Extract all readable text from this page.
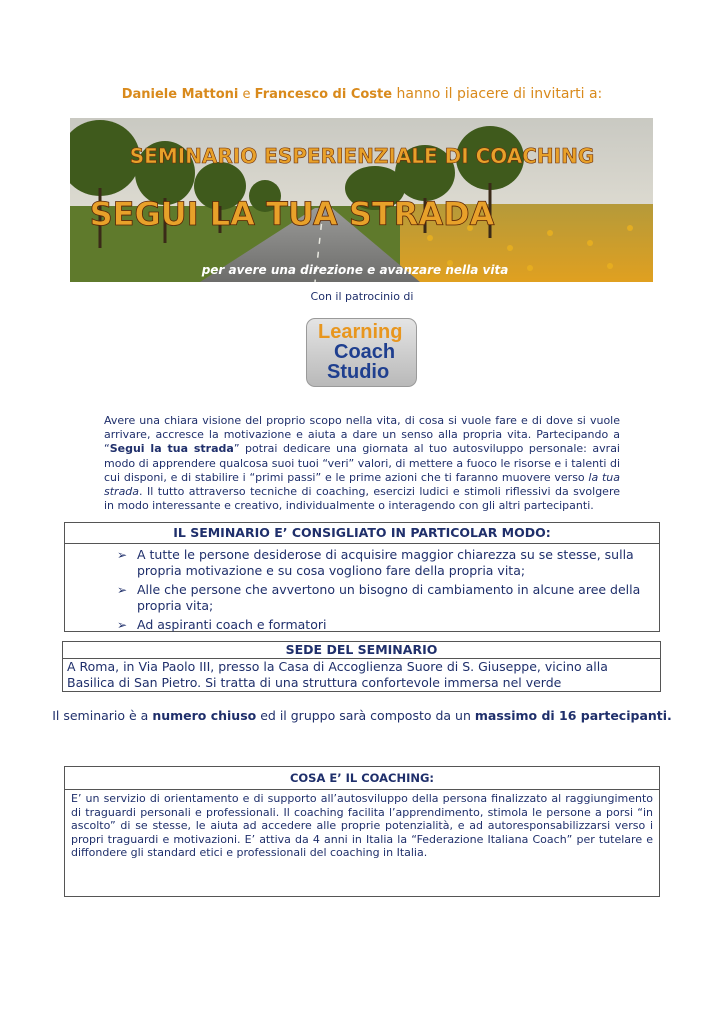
Daniele Mattoni e Francesco di Coste hanno il piacere di invitarti a:
SEMINARIO ESPERIENZIALE DI COACHING
SEGUI LA TUA STRADA
per avere una direzione e avanzare nella vita
Con il patrocinio di
Learning
Coach
Studio
Avere una chiara visione del proprio scopo nella vita, di cosa si vuole fare e di dove si vuole arrivare, accresce la motivazione e aiuta a dare un senso alla propria vita. Partecipando a “Segui la tua strada” potrai dedicare una giornata al tuo autosviluppo personale: avrai modo di apprendere qualcosa suoi tuoi “veri” valori, di mettere a fuoco le risorse e i talenti di cui disponi, e di stabilire i “primi passi” e le prime azioni che ti faranno muovere verso la tua strada. Il tutto attraverso tecniche di coaching, esercizi ludici e stimoli riflessivi da svolgere in modo interessante e creativo, individualmente o interagendo con gli altri partecipanti.
IL SEMINARIO E’ CONSIGLIATO IN PARTICOLAR MODO:
➢ A tutte le persone desiderose di acquisire maggior chiarezza su se stesse, sulla propria motivazione e su cosa vogliono fare della propria vita;
➢ Alle che persone che avvertono un bisogno di cambiamento in alcune aree della propria vita;
➢ Ad aspiranti coach e formatori
SEDE DEL SEMINARIO
A Roma, in Via Paolo III, presso la Casa di Accoglienza Suore di S. Giuseppe, vicino alla Basilica di San Pietro. Si tratta di una struttura confortevole immersa nel verde
Il seminario è a numero chiuso ed il gruppo sarà composto da un massimo di 16 partecipanti.
COSA E’ IL COACHING:
E’ un servizio di orientamento e di supporto all’autosviluppo della persona finalizzato al raggiungimento di traguardi personali e professionali. Il coaching facilita l’apprendimento, stimola le persone a porsi “in ascolto” di se stesse, le aiuta ad accedere alle proprie potenzialità, e ad autoresponsabilizzarsi verso i propri traguardi e motivazioni. E’ attiva da 4 anni in Italia la “Federazione Italiana Coach” per tutelare e diffondere gli standard etici e professionali del coaching in Italia.
